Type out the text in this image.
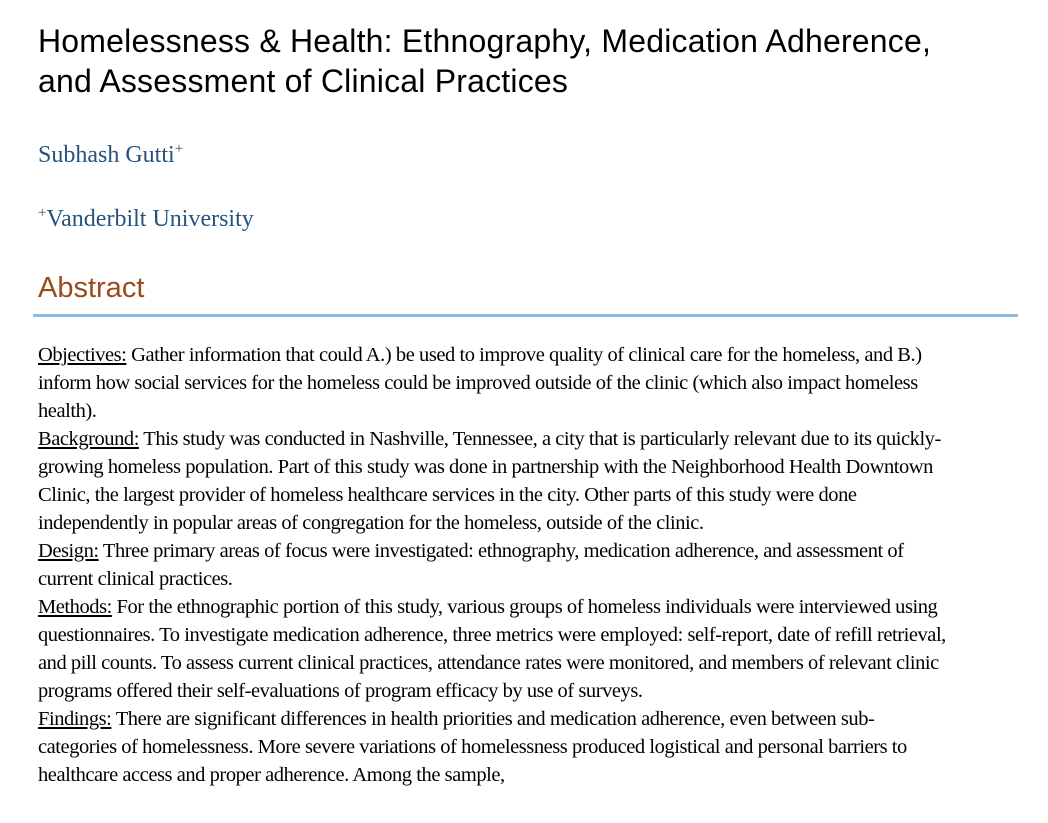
Homelessness & Health: Ethnography, Medication Adherence, and Assessment of Clinical Practices
Subhash Gutti+
+Vanderbilt University
Abstract

Objectives: Gather information that could A.) be used to improve quality of clinical care for the homeless, and B.) inform how social services for the homeless could be improved outside of the clinic (which also impact homeless health).

Background: This study was conducted in Nashville, Tennessee, a city that is particularly relevant due to its quickly-growing homeless population. Part of this study was done in partnership with the Neighborhood Health Downtown Clinic, the largest provider of homeless healthcare services in the city. Other parts of this study were done independently in popular areas of congregation for the homeless, outside of the clinic.

Design: Three primary areas of focus were investigated: ethnography, medication adherence, and assessment of current clinical practices.

Methods: For the ethnographic portion of this study, various groups of homeless individuals were interviewed using questionnaires. To investigate medication adherence, three metrics were employed: self-report, date of refill retrieval, and pill counts. To assess current clinical practices, attendance rates were monitored, and members of relevant clinic programs offered their self-evaluations of program efficacy by use of surveys.

Findings: There are significant differences in health priorities and medication adherence, even between sub-categories of homelessness. More severe variations of homelessness produced logistical and personal barriers to healthcare access and proper adherence. Among the sample,
